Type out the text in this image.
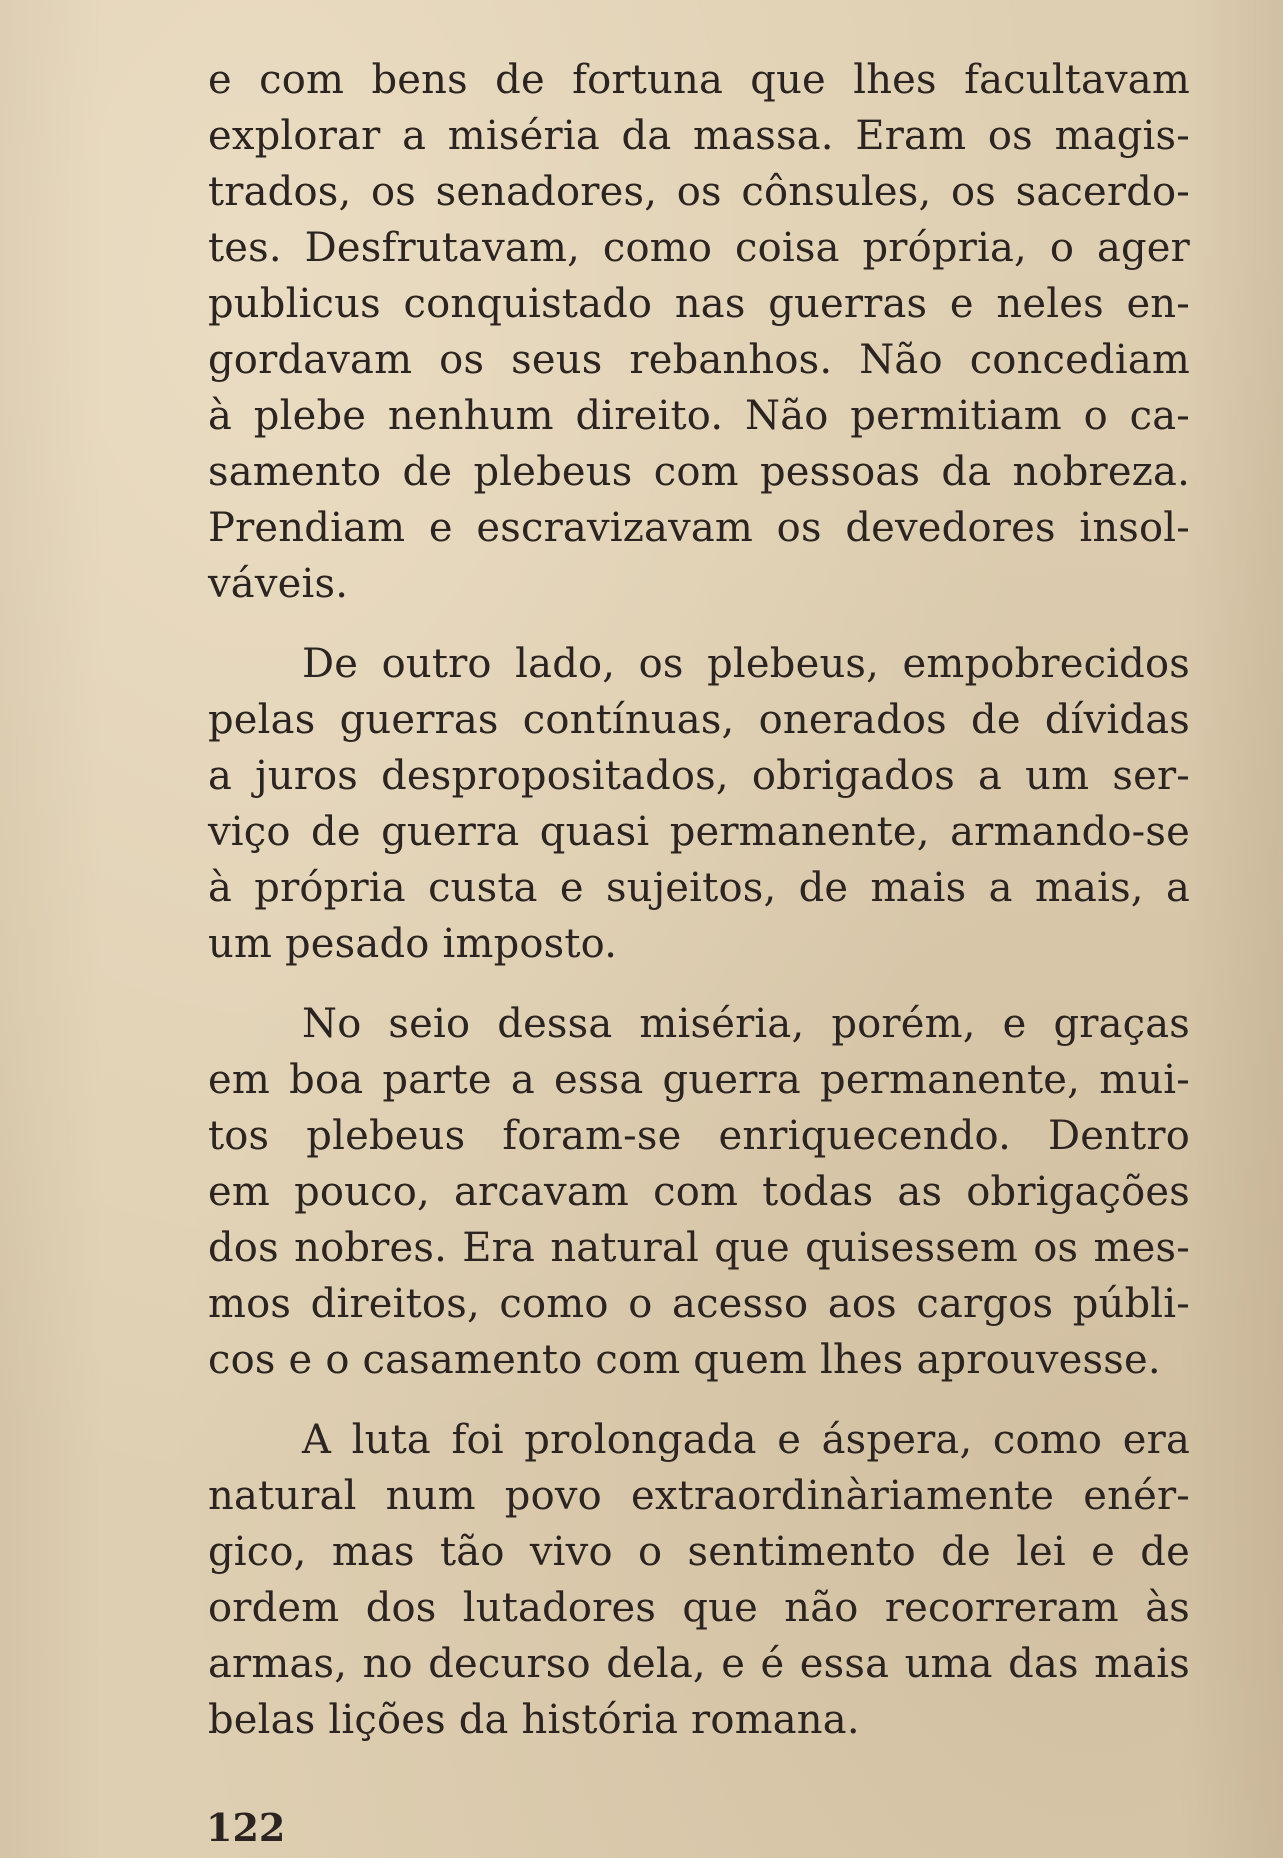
e com bens de fortuna que lhes facultavam
explorar a miséria da massa. Eram os magis-
trados, os senadores, os cônsules, os sacerdo-
tes. Desfrutavam, como coisa própria, o ager
publicus conquistado nas guerras e neles en-
gordavam os seus rebanhos. Não concediam
à plebe nenhum direito. Não permitiam o ca-
samento de plebeus com pessoas da nobreza.
Prendiam e escravizavam os devedores insol-
váveis.
De outro lado, os plebeus, empobrecidos
pelas guerras contínuas, onerados de dívidas
a juros despropositados, obrigados a um ser-
viço de guerra quasi permanente, armando-se
à própria custa e sujeitos, de mais a mais, a
um pesado imposto.
No seio dessa miséria, porém, e graças
em boa parte a essa guerra permanente, mui-
tos plebeus foram-se enriquecendo. Dentro
em pouco, arcavam com todas as obrigações
dos nobres. Era natural que quisessem os mes-
mos direitos, como o acesso aos cargos públi-
cos e o casamento com quem lhes aprouvesse.
A luta foi prolongada e áspera, como era
natural num povo extraordinàriamente enér-
gico, mas tão vivo o sentimento de lei e de
ordem dos lutadores que não recorreram às
armas, no decurso dela, e é essa uma das mais
belas lições da história romana.
122
